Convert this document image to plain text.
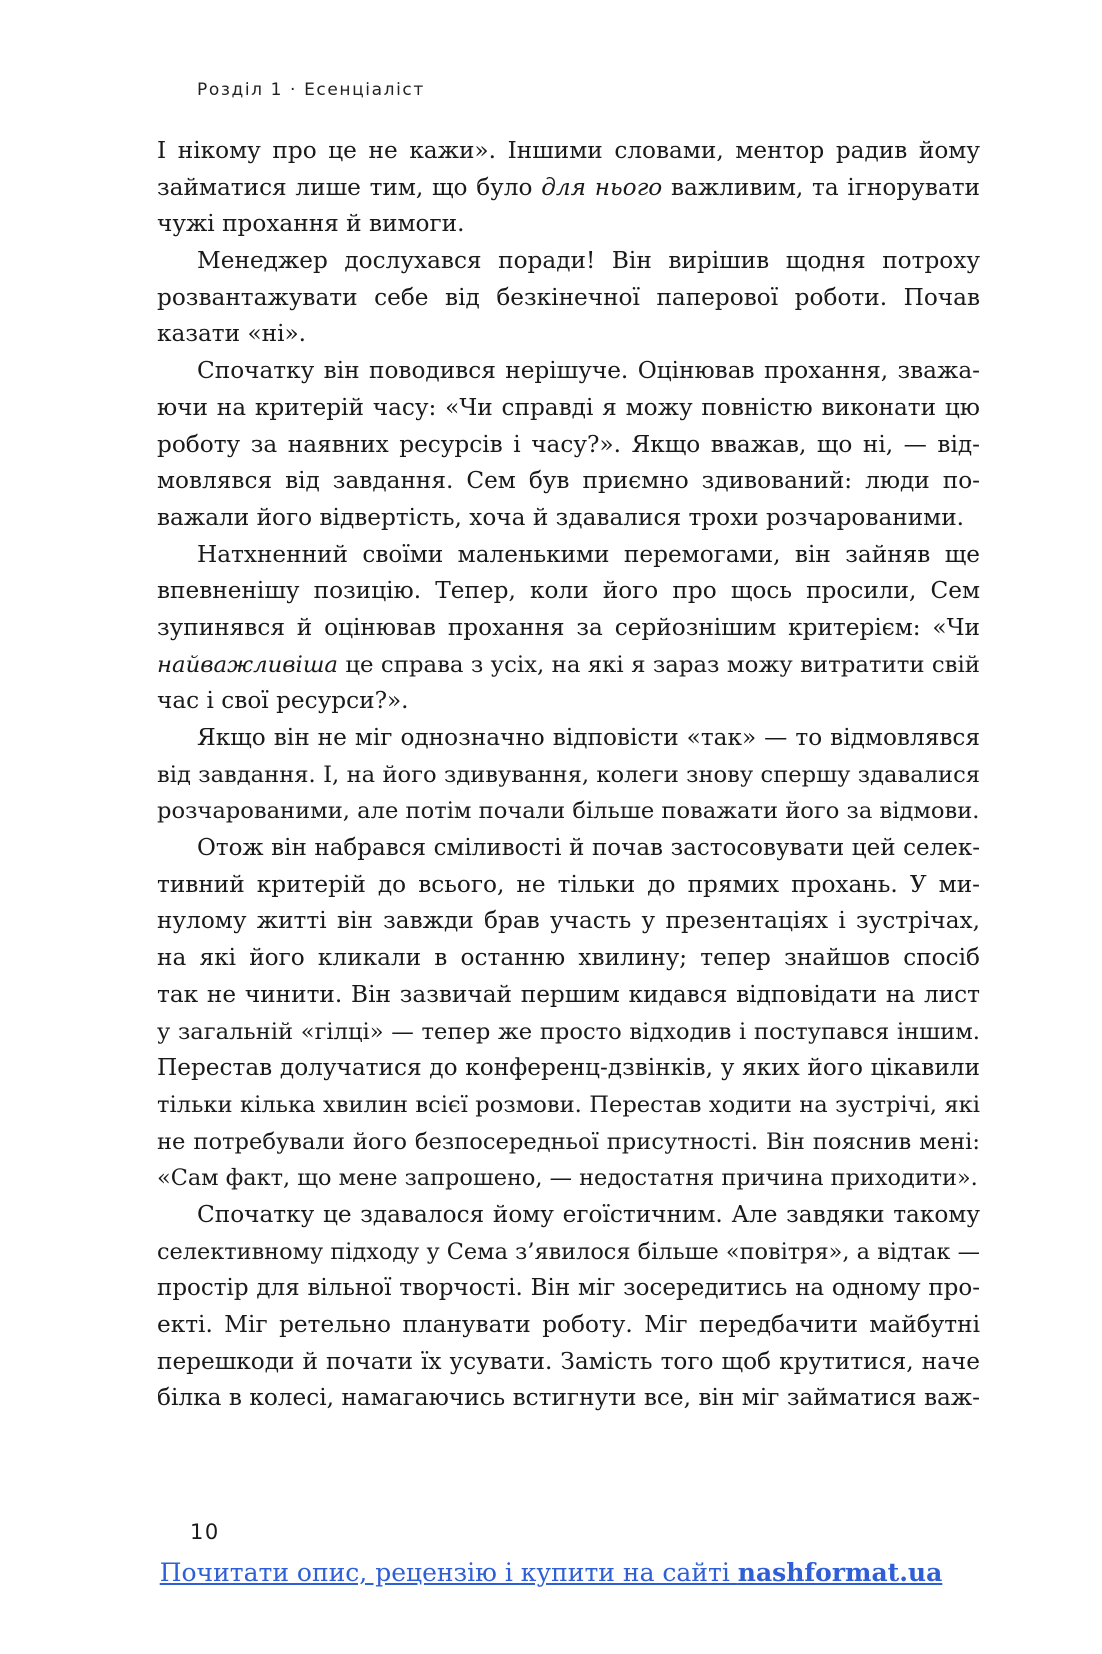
Розділ 1 · Есенціаліст
І нікому про це не кажи». Іншими словами, ментор радив йому
займатися лише тим, що було для нього важливим, та ігнорувати
чужі прохання й вимоги.
Менеджер дослухався поради! Він вирішив щодня потроху
розвантажувати себе від безкінечної паперової роботи. Почав
казати «ні».
Спочатку він поводився нерішуче. Оцінював прохання, зважа-
ючи на критерій часу: «Чи справді я можу повністю виконати цю
роботу за наявних ресурсів і часу?». Якщо вважав, що ні, — від-
мовлявся від завдання. Сем був приємно здивований: люди по-
важали його відвертість, хоча й здавалися трохи розчарованими.
Натхненний своїми маленькими перемогами, він зайняв ще
впевненішу позицію. Тепер, коли його про щось просили, Сем
зупинявся й оцінював прохання за серйознішим критерієм: «Чи
найважливіша це справа з усіх, на які я зараз можу витратити свій
час і свої ресурси?».
Якщо він не міг однозначно відповісти «так» — то відмовлявся
від завдання. І, на його здивування, колеги знову спершу здавалися
розчарованими, але потім почали більше поважати його за відмови.
Отож він набрався сміливості й почав застосовувати цей селек-
тивний критерій до всього, не тільки до прямих прохань. У ми-
нулому житті він завжди брав участь у презентаціях і зустрічах,
на які його кликали в останню хвилину; тепер знайшов спосіб
так не чинити. Він зазвичай першим кидався відповідати на лист
у загальній «гілці» — тепер же просто відходив і поступався іншим.
Перестав долучатися до конференц-дзвінків, у яких його цікавили
тільки кілька хвилин всієї розмови. Перестав ходити на зустрічі, які
не потребували його безпосередньої присутності. Він пояснив мені:
«Сам факт, що мене запрошено, — недостатня причина приходити».
Спочатку це здавалося йому егоїстичним. Але завдяки такому
селективному підходу у Сема з’явилося більше «повітря», а відтак —
простір для вільної творчості. Він міг зосередитись на одному про-
екті. Міг ретельно планувати роботу. Міг передбачити майбутні
перешкоди й почати їх усувати. Замість того щоб крутитися, наче
білка в колесі, намагаючись встигнути все, він міг займатися важ-
10
Почитати опис, рецензію і купити на сайті nashformat.ua
